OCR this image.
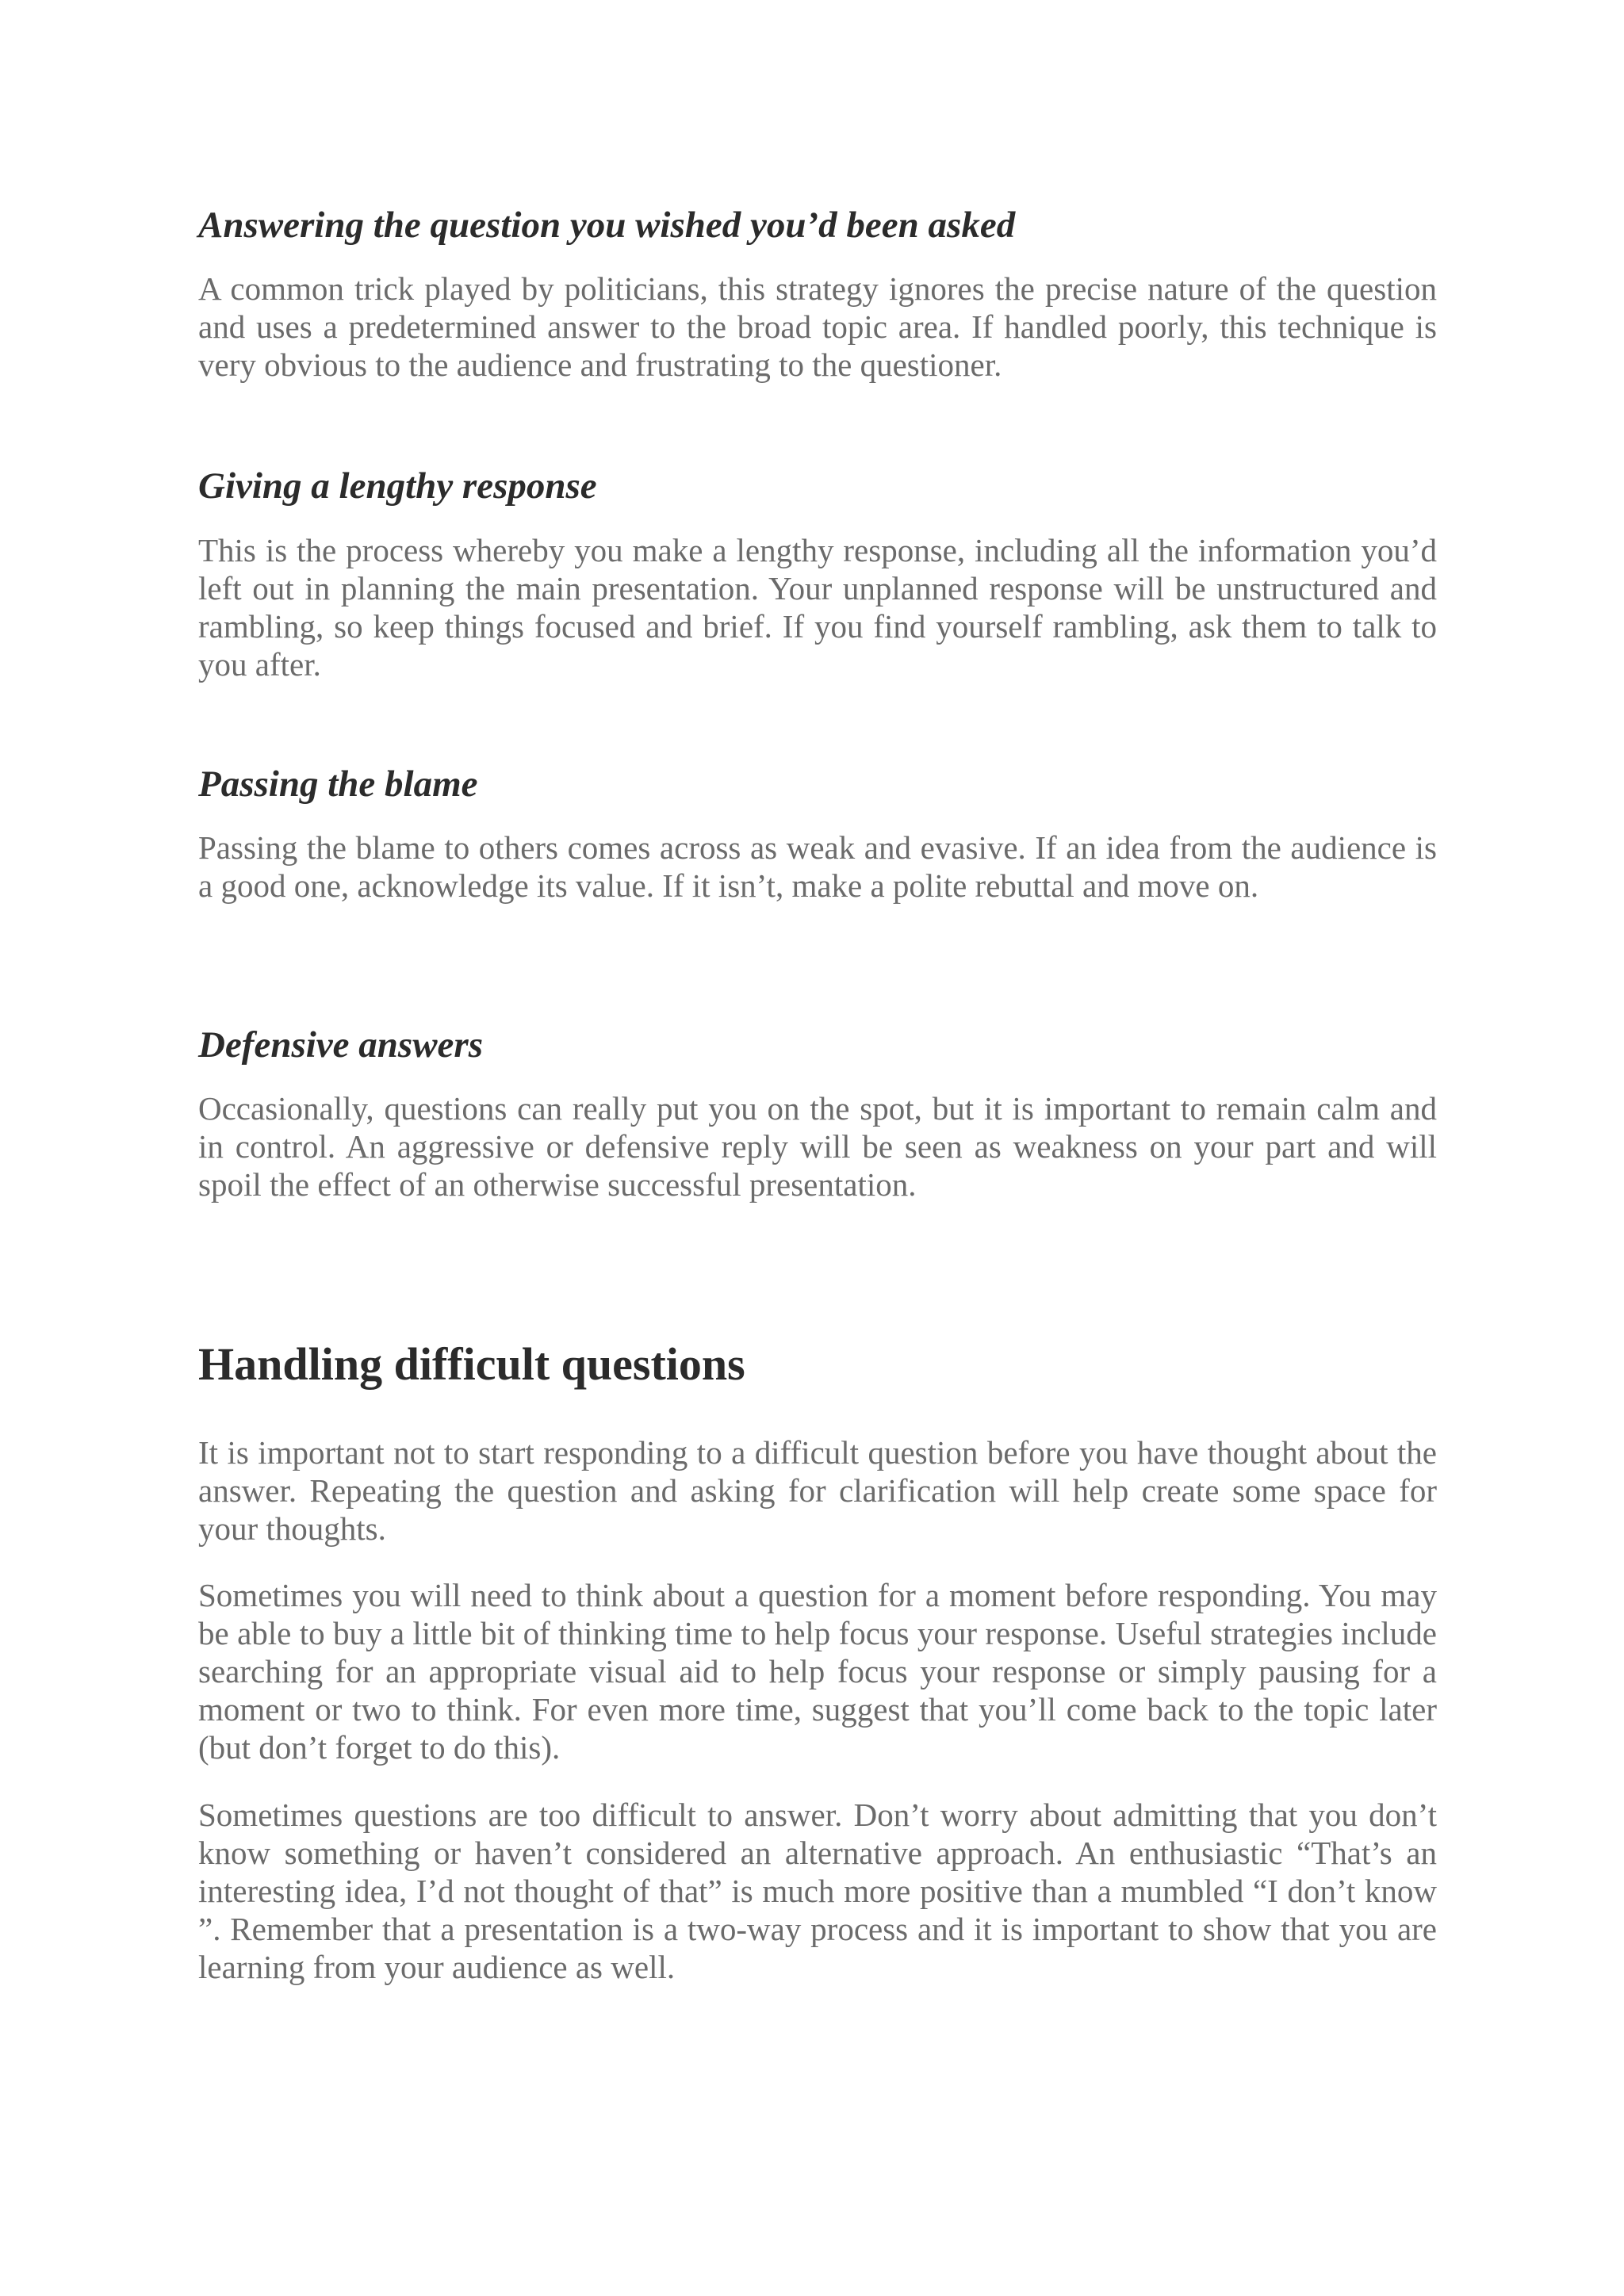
Answering the question you wished you’d been asked

A common trick played by politicians, this strategy ignores the precise nature of the question and uses a predetermined answer to the broad topic area. If handled poorly, this technique is very obvious to the audience and frustrating to the questioner.

Giving a lengthy response

This is the process whereby you make a lengthy response, including all the information you’d left out in planning the main presentation. Your unplanned response will be unstructured and rambling, so keep things focused and brief. If you find yourself rambling, ask them to talk to you after.

Passing the blame

Passing the blame to others comes across as weak and evasive. If an idea from the audience is a good one, acknowledge its value. If it isn’t, make a polite rebuttal and move on.

Defensive answers

Occasionally, questions can really put you on the spot, but it is important to remain calm and in control. An aggressive or defensive reply will be seen as weakness on your part and will spoil the effect of an otherwise successful presentation.

Handling difficult questions

It is important not to start responding to a difficult question before you have thought about the answer. Repeating the question and asking for clarification will help create some space for your thoughts.

Sometimes you will need to think about a question for a moment before responding. You may be able to buy a little bit of thinking time to help focus your response. Useful strategies include searching for an appropriate visual aid to help focus your response or simply pausing for a moment or two to think. For even more time, suggest that you’ll come back to the topic later (but don’t forget to do this).

Sometimes questions are too difficult to answer. Don’t worry about admitting that you don’t know something or haven’t considered an alternative approach. An enthusiastic “That’s an interesting idea, I’d not thought of that” is much more positive than a mumbled “I don’t know ”. Remember that a presentation is a two-way process and it is important to show that you are learning from your audience as well.
